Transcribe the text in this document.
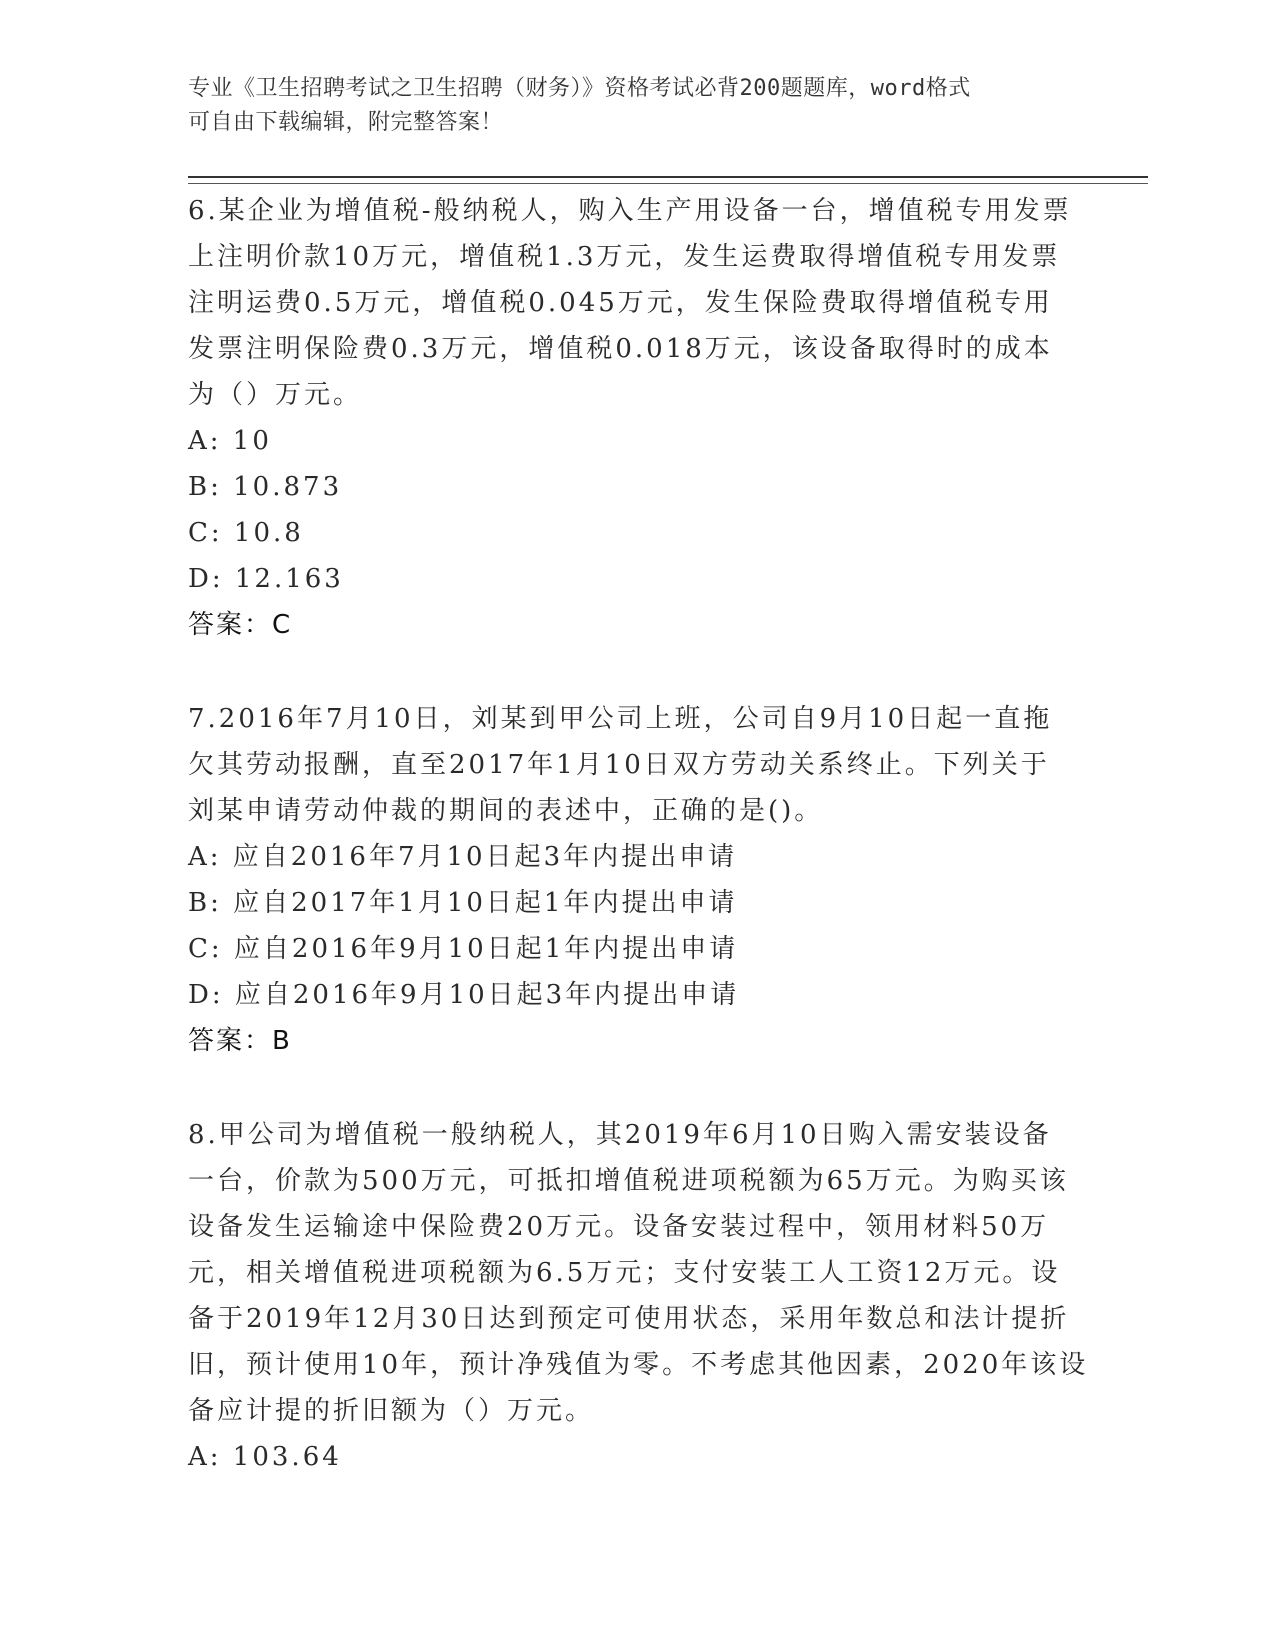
专业《卫生招聘考试之卫生招聘（财务）》资格考试必背200题题库，word格式
可自由下载编辑，附完整答案！
6.某企业为增值税-般纳税人，购入生产用设备一台，增值税专用发票
上注明价款10万元，增值税1.3万元，发生运费取得增值税专用发票
注明运费0.5万元，增值税0.045万元，发生保险费取得增值税专用
发票注明保险费0.3万元，增值税0.018万元，该设备取得时的成本
为（）万元。
A: 10
B: 10.873
C: 10.8
D: 12.163
答案：C
7.2016年7月10日，刘某到甲公司上班，公司自9月10日起一直拖
欠其劳动报酬，直至2017年1月10日双方劳动关系终止。下列关于
刘某申请劳动仲裁的期间的表述中，正确的是()。
A: 应自2016年7月10日起3年内提出申请
B: 应自2017年1月10日起1年内提出申请
C: 应自2016年9月10日起1年内提出申请
D: 应自2016年9月10日起3年内提出申请
答案：B
8.甲公司为增值税一般纳税人，其2019年6月10日购入需安装设备
一台，价款为500万元，可抵扣增值税进项税额为65万元。为购买该
设备发生运输途中保险费20万元。设备安装过程中，领用材料50万
元，相关增值税进项税额为6.5万元；支付安装工人工资12万元。设
备于2019年12月30日达到预定可使用状态，采用年数总和法计提折
旧，预计使用10年，预计净残值为零。不考虑其他因素，2020年该设
备应计提的折旧额为（）万元。
A: 103.64
